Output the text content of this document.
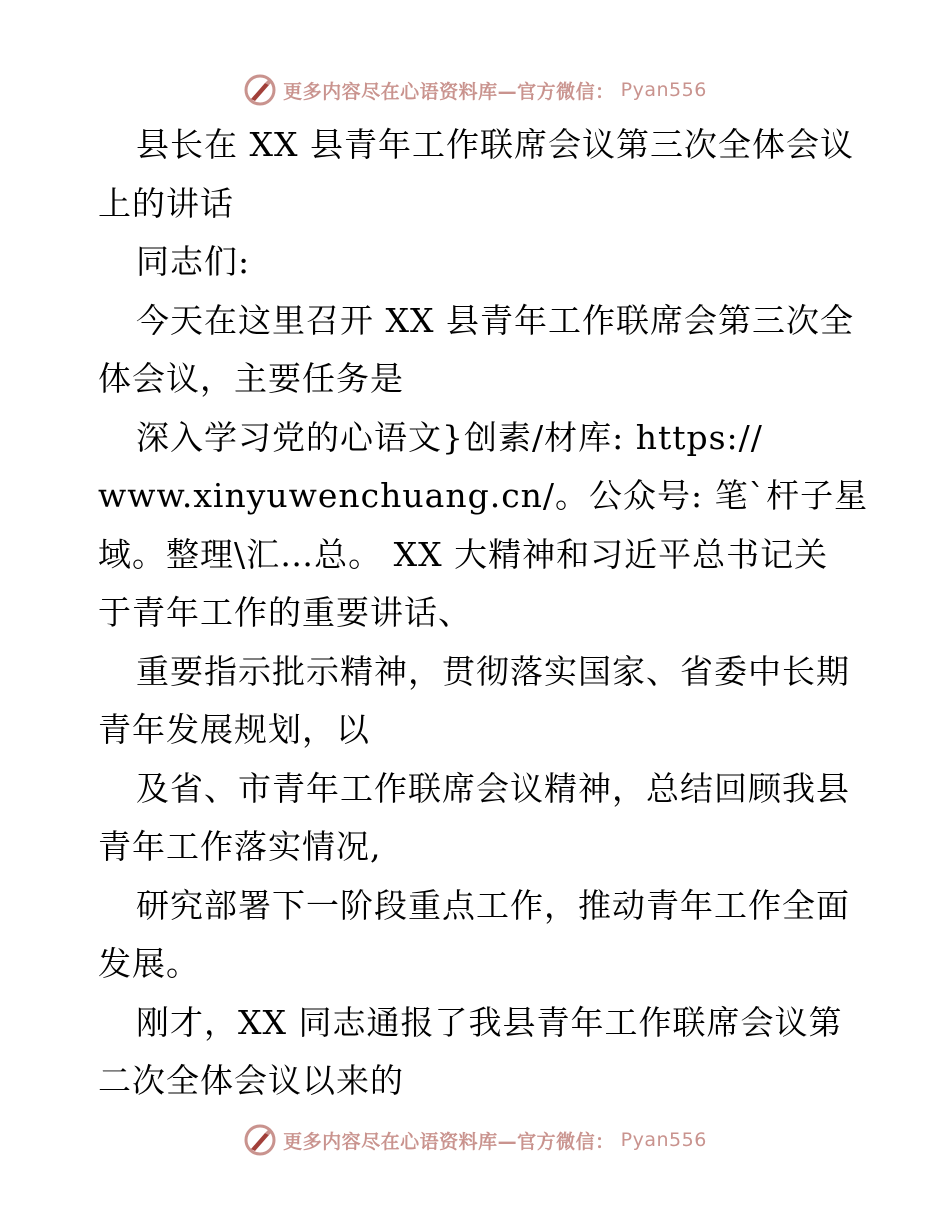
更多内容尽在心语资料库—官方微信： Pyan556
县长在 XX 县青年工作联席会议第三次全体会议
上的讲话
同志们:
今天在这里召开 XX 县青年工作联席会第三次全
体会议，主要任务是
深入学习党的心语文}创素/材库: https://
www.xinyuwenchuang.cn/。公众号: 笔`杆子星
域。整理\汇…总。 XX 大精神和习近平总书记关
于青年工作的重要讲话、
重要指示批示精神，贯彻落实国家、省委中长期
青年发展规划，以
及省、市青年工作联席会议精神，总结回顾我县
青年工作落实情况,
研究部署下一阶段重点工作，推动青年工作全面
发展。
刚才，XX 同志通报了我县青年工作联席会议第
二次全体会议以来的
更多内容尽在心语资料库—官方微信： Pyan556
